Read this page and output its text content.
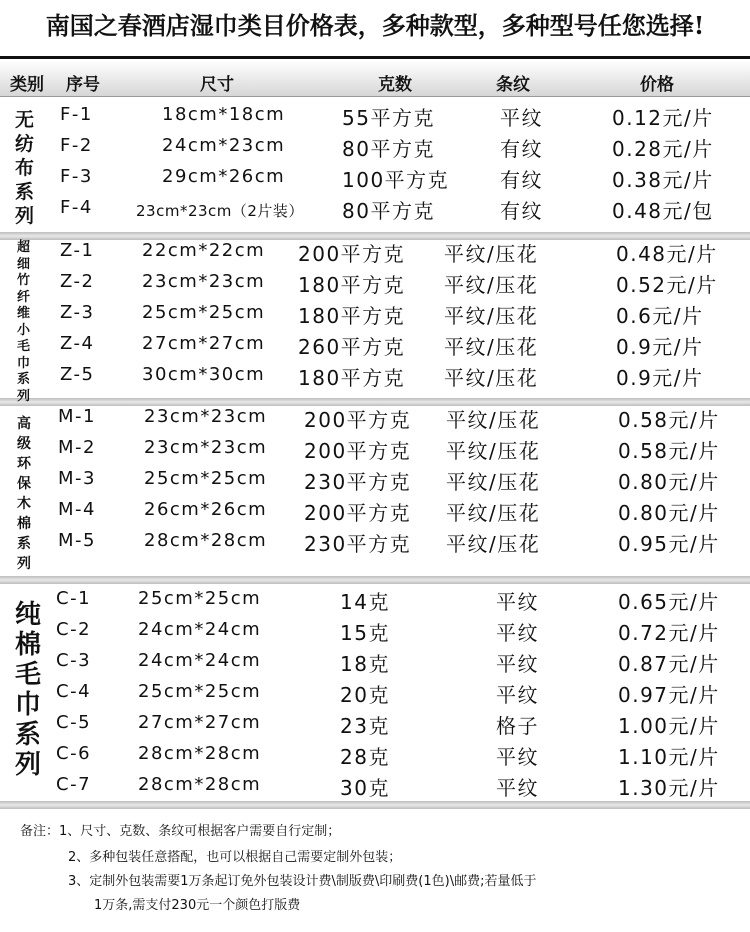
南国之春酒店湿巾类目价格表，多种款型，多种型号任您选择!
类别 序号	尺寸	克数	条纹	价格
无
纺
布
系
列
F-1	18cm*18cm	55平方克	平纹	0.12元/片
F-2	24cm*23cm	80平方克	有纹	0.28元/片
F-3	29cm*26cm	100平方克	有纹	0.38元/片
F-4	23cm*23cm（2片装） 80平方克	有纹	0.48元/包
超
细
竹
纤
维
小
毛
巾
系
列
Z-1	22cm*22cm 200平方克 平纹/压花	0.48元/片
Z-2	23cm*23cm 180平方克 平纹/压花	0.52元/片
Z-3	25cm*25cm 180平方克 平纹/压花	0.6元/片
Z-4	27cm*27cm 260平方克 平纹/压花	0.9元/片
Z-5	30cm*30cm 180平方克 平纹/压花	0.9元/片
高
级
环
保
木
棉
系
列
M-1	23cm*23cm 200平方克 平纹/压花	0.58元/片
M-2	23cm*23cm 200平方克 平纹/压花	0.58元/片
M-3	25cm*25cm 230平方克 平纹/压花	0.80元/片
M-4	26cm*26cm 200平方克 平纹/压花	0.80元/片
M-5	28cm*28cm 230平方克 平纹/压花	0.95元/片
纯
棉
毛
巾
系
列
C-1	25cm*25cm	14克	平纹	0.65元/片
C-2	24cm*24cm	15克	平纹	0.72元/片
C-3	24cm*24cm	18克	平纹	0.87元/片
C-4	25cm*25cm	20克	平纹	0.97元/片
C-5	27cm*27cm	23克	格子	1.00元/片
C-6	28cm*28cm	28克	平纹	1.10元/片
C-7	28cm*28cm	30克	平纹	1.30元/片
备注：1、尺寸、克数、条纹可根据客户需要自行定制；
2、多种包装任意搭配，也可以根据自己需要定制外包装；
3、定制外包装需要1万条起订免外包装设计费\制版费\印刷费(1色)\邮费;若量低于
1万条,需支付230元一个颜色打版费
